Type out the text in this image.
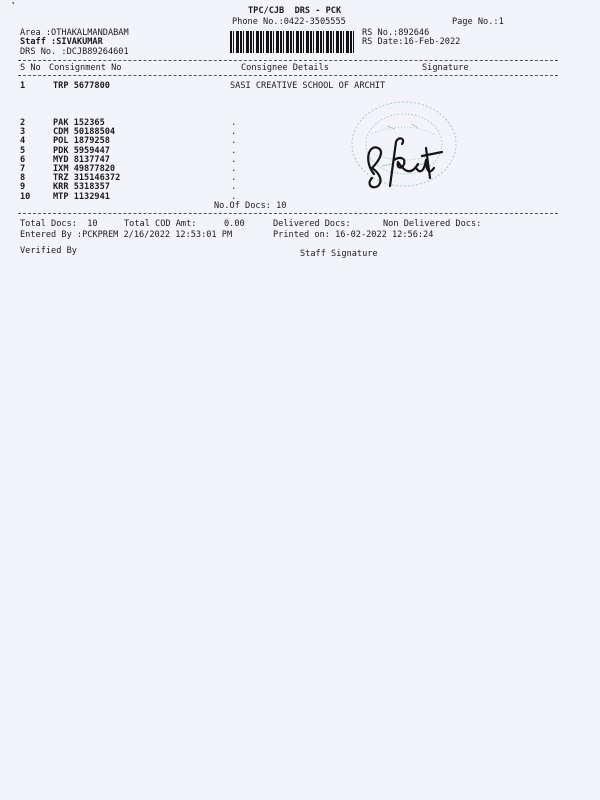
˺	TPC/CJB  DRS - PCK
Phone No.:0422-3505555	Page No.:1
Area :OTHAKALMANDABAM
Staff :SIVAKUMAR
DRS No. :DCJB89264601
RS No.:892646
RS Date:16-Feb-2022
S No Consignment No	Consignee Details	Signature
1	TRP 5677800	SASI CREATIVE SCHOOL OF ARCHIT
2	PAK 152365	.
3	CDM 50188504	.
4	POL 1879258	.
5	PDK 5959447	.
6	MYD 8137747	.
7	IXM 49877820	.
8	TRZ 315146372	.
9	KRR 5318357	.
10	MTP 1132941	.
No.Of Docs: 10
Total Docs:  10	Total COD Amt:	0.00	Delivered Docs:	Non Delivered Docs:
Entered By :PCKPREM 2/16/2022 12:53:01 PM	Printed on: 16-02-2022 12:56:24
Verified By	Staff Signature
